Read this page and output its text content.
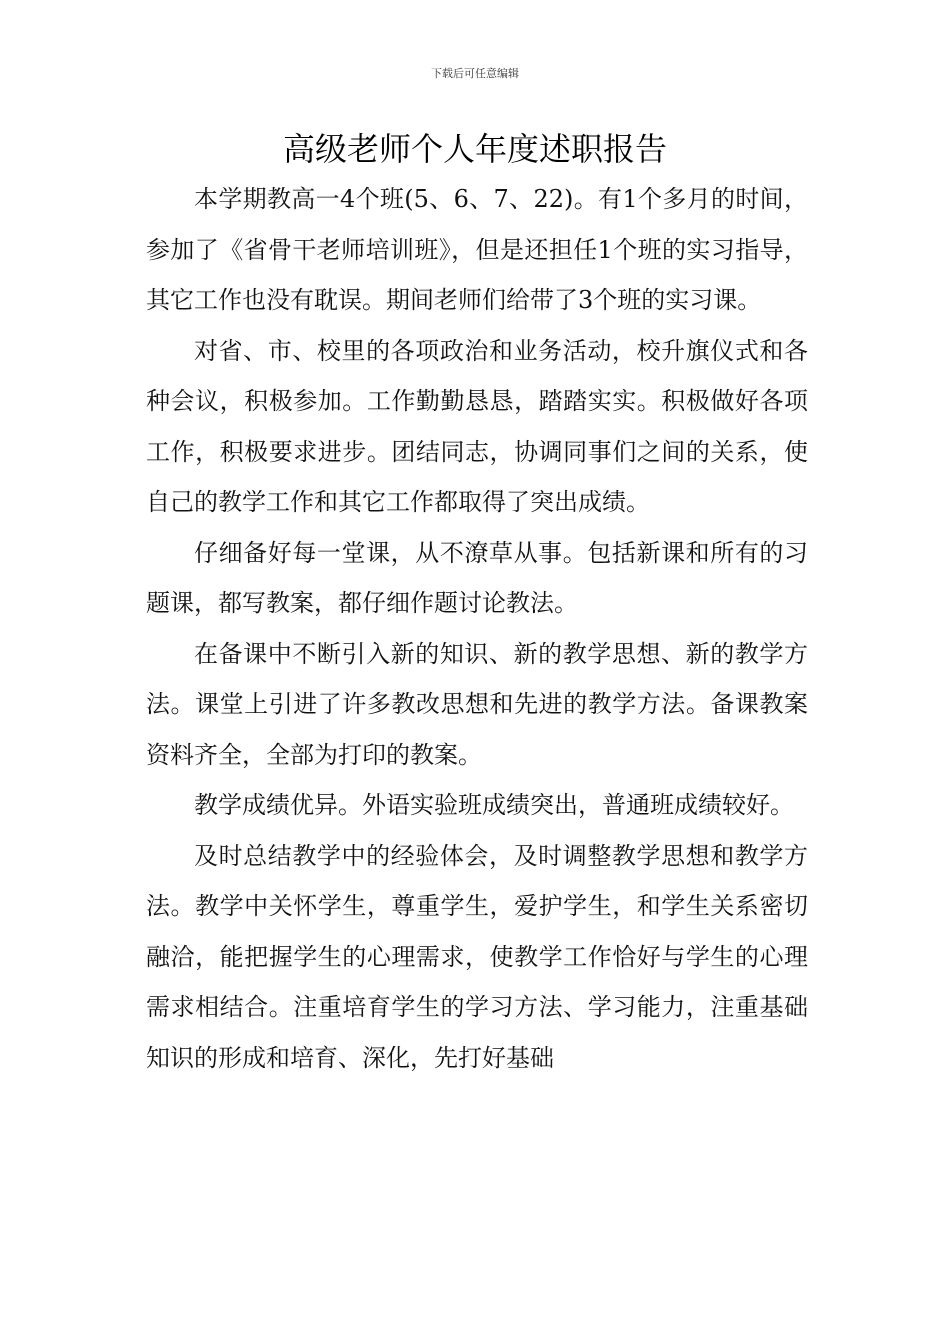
下载后可任意编辑
高级老师个人年度述职报告

本学期教高一4个班(5、6、7、22)。有1个多月的时间，参加了《省骨干老师培训班》，但是还担任1个班的实习指导，其它工作也没有耽误。期间老师们给带了3个班的实习课。

对省、市、校里的各项政治和业务活动，校升旗仪式和各种会议，积极参加。工作勤勤恳恳，踏踏实实。积极做好各项工作，积极要求进步。团结同志，协调同事们之间的关系，使自己的教学工作和其它工作都取得了突出成绩。

仔细备好每一堂课，从不潦草从事。包括新课和所有的习题课，都写教案，都仔细作题讨论教法。

在备课中不断引入新的知识、新的教学思想、新的教学方法。课堂上引进了许多教改思想和先进的教学方法。备课教案资料齐全，全部为打印的教案。

教学成绩优异。外语实验班成绩突出，普通班成绩较好。

及时总结教学中的经验体会，及时调整教学思想和教学方法。教学中关怀学生，尊重学生，爱护学生，和学生关系密切融洽，能把握学生的心理需求，使教学工作恰好与学生的心理需求相结合。注重培育学生的学习方法、学习能力，注重基础知识的形成和培育、深化，先打好基础
